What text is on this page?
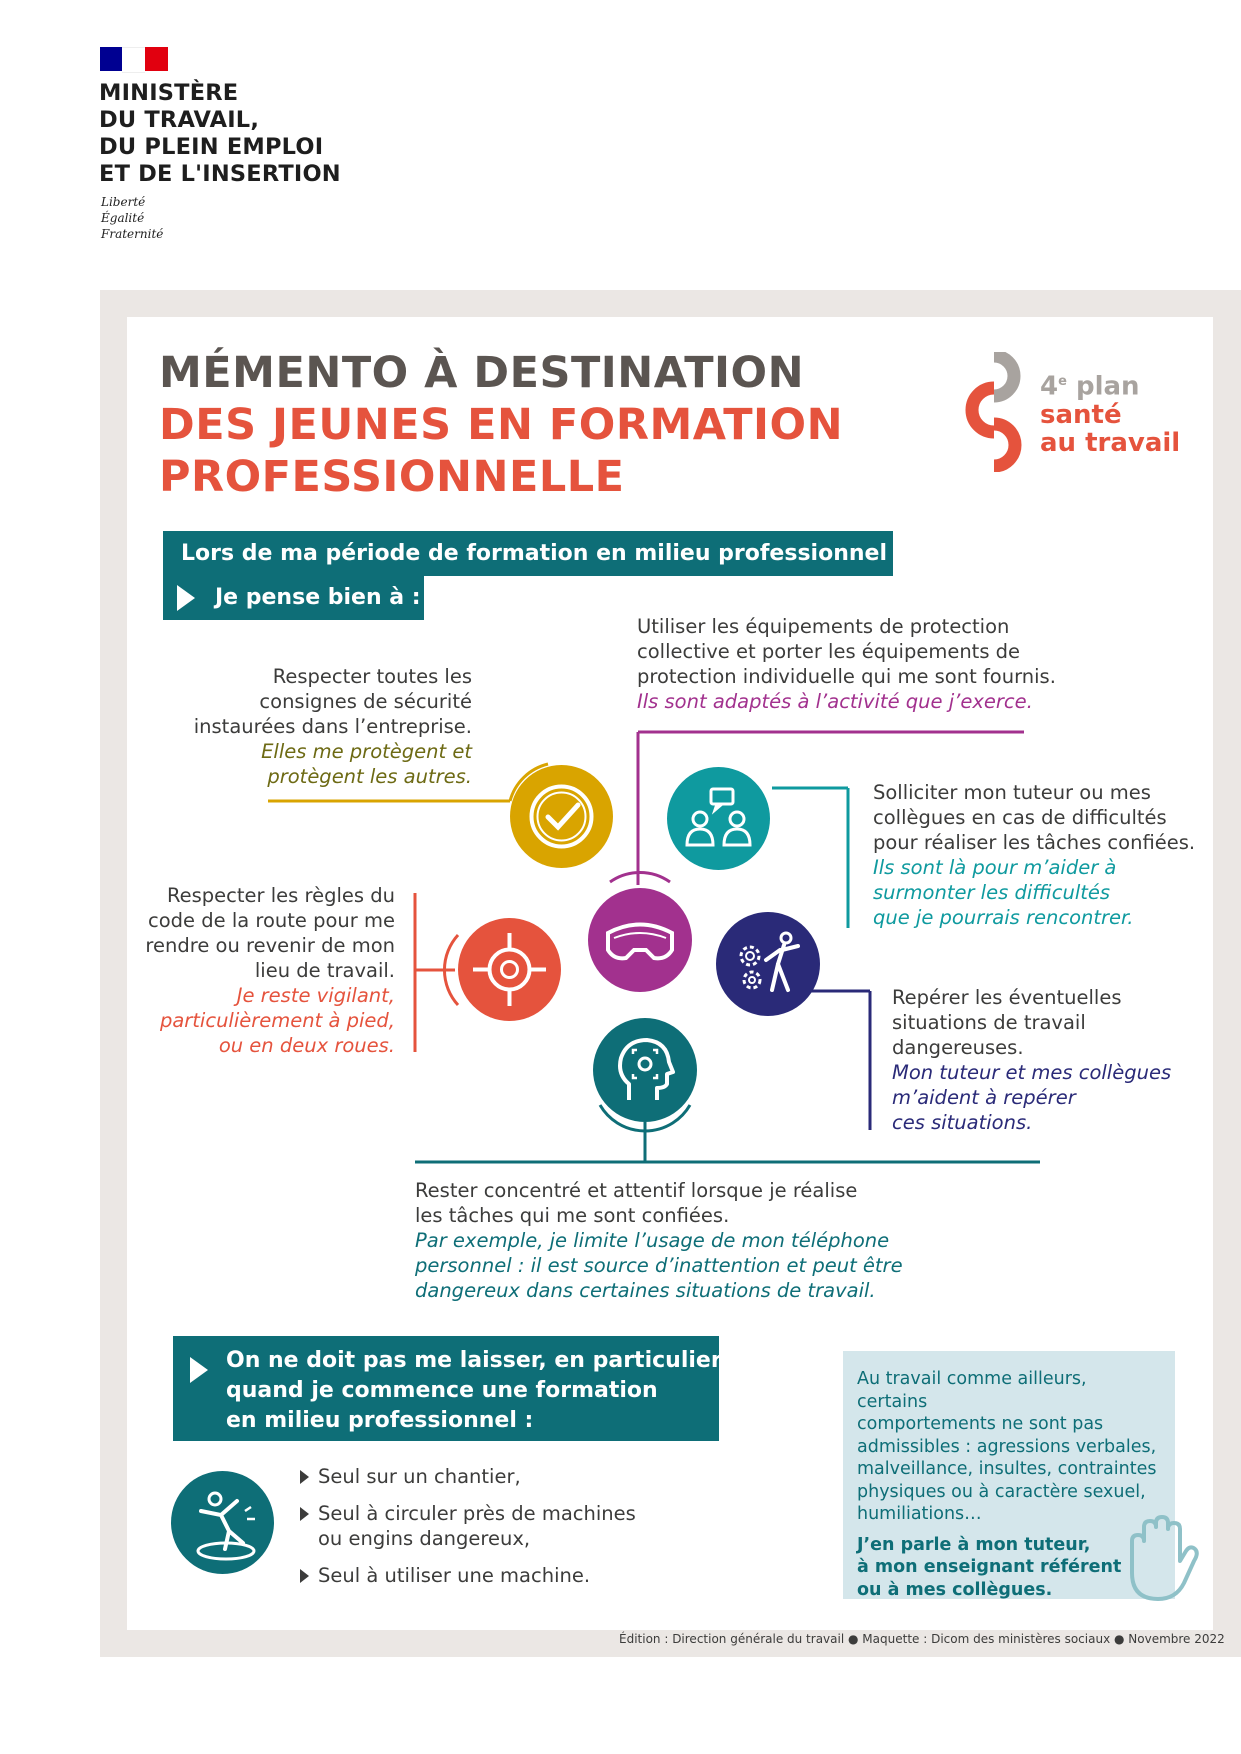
MINISTÈRE
DU TRAVAIL,
DU PLEIN EMPLOI
ET DE L'INSERTION
Liberté
Égalité
Fraternité
MÉMENTO À DESTINATION
DES JEUNES EN FORMATION
PROFESSIONNELLE
4e plan
santé
au travail
Lors de ma période de formation en milieu professionnel
Je pense bien à :
Respecter toutes les
consignes de sécurité
instaurées dans l’entreprise.
Elles me protègent et
protègent les autres.
Utiliser les équipements de protection
collective et porter les équipements de
protection individuelle qui me sont fournis.
Ils sont adaptés à l’activité que j’exerce.
Solliciter mon tuteur ou mes
collègues en cas de difficultés
pour réaliser les tâches confiées.
Ils sont là pour m’aider à
surmonter les difficultés
que je pourrais rencontrer.
Respecter les règles du
code de la route pour me
rendre ou revenir de mon
lieu de travail.
Je reste vigilant,
particulièrement à pied,
ou en deux roues.
Repérer les éventuelles
situations de travail
dangereuses.
Mon tuteur et mes collègues
m’aident à repérer
ces situations.
Rester concentré et attentif lorsque je réalise
les tâches qui me sont confiées.
Par exemple, je limite l’usage de mon téléphone
personnel : il est source d’inattention et peut être
dangereux dans certaines situations de travail.
On ne doit pas me laisser, en particulier
quand je commence une formation
en milieu professionnel :
Seul sur un chantier,
Seul à circuler près de machines
ou engins dangereux,
Seul à utiliser une machine.
Au travail comme ailleurs, certains
comportements ne sont pas
admissibles : agressions verbales,
malveillance, insultes, contraintes
physiques ou à caractère sexuel,
humiliations…
J’en parle à mon tuteur,
à mon enseignant référent
ou à mes collègues.
Édition : Direction générale du travail ● Maquette : Dicom des ministères sociaux ● Novembre 2022
